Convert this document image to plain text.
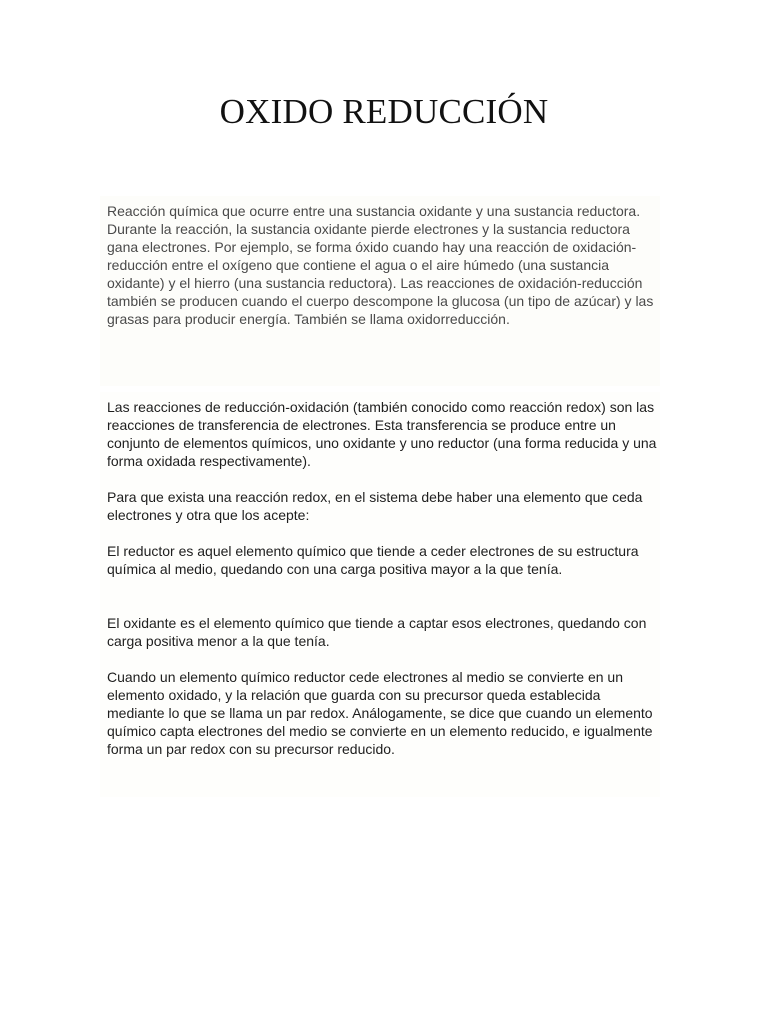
OXIDO REDUCCIÓN

Reacción química que ocurre entre una sustancia oxidante y una sustancia reductora. Durante la reacción, la sustancia oxidante pierde electrones y la sustancia reductora gana electrones. Por ejemplo, se forma óxido cuando hay una reacción de oxidación-reducción entre el oxígeno que contiene el agua o el aire húmedo (una sustancia oxidante) y el hierro (una sustancia reductora). Las reacciones de oxidación-reducción también se producen cuando el cuerpo descompone la glucosa (un tipo de azúcar) y las grasas para producir energía. También se llama oxidorreducción.

Las reacciones de reducción-oxidación (también conocido como reacción redox) son las reacciones de transferencia de electrones. Esta transferencia se produce entre un conjunto de elementos químicos, uno oxidante y uno reductor (una forma reducida y una forma oxidada respectivamente).

Para que exista una reacción redox, en el sistema debe haber una elemento que ceda electrones y otra que los acepte:

El reductor es aquel elemento químico que tiende a ceder electrones de su estructura química al medio, quedando con una carga positiva mayor a la que tenía.

El oxidante es el elemento químico que tiende a captar esos electrones, quedando con carga positiva menor a la que tenía.

Cuando un elemento químico reductor cede electrones al medio se convierte en un elemento oxidado, y la relación que guarda con su precursor queda establecida mediante lo que se llama un par redox. Análogamente, se dice que cuando un elemento químico capta electrones del medio se convierte en un elemento reducido, e igualmente forma un par redox con su precursor reducido.
